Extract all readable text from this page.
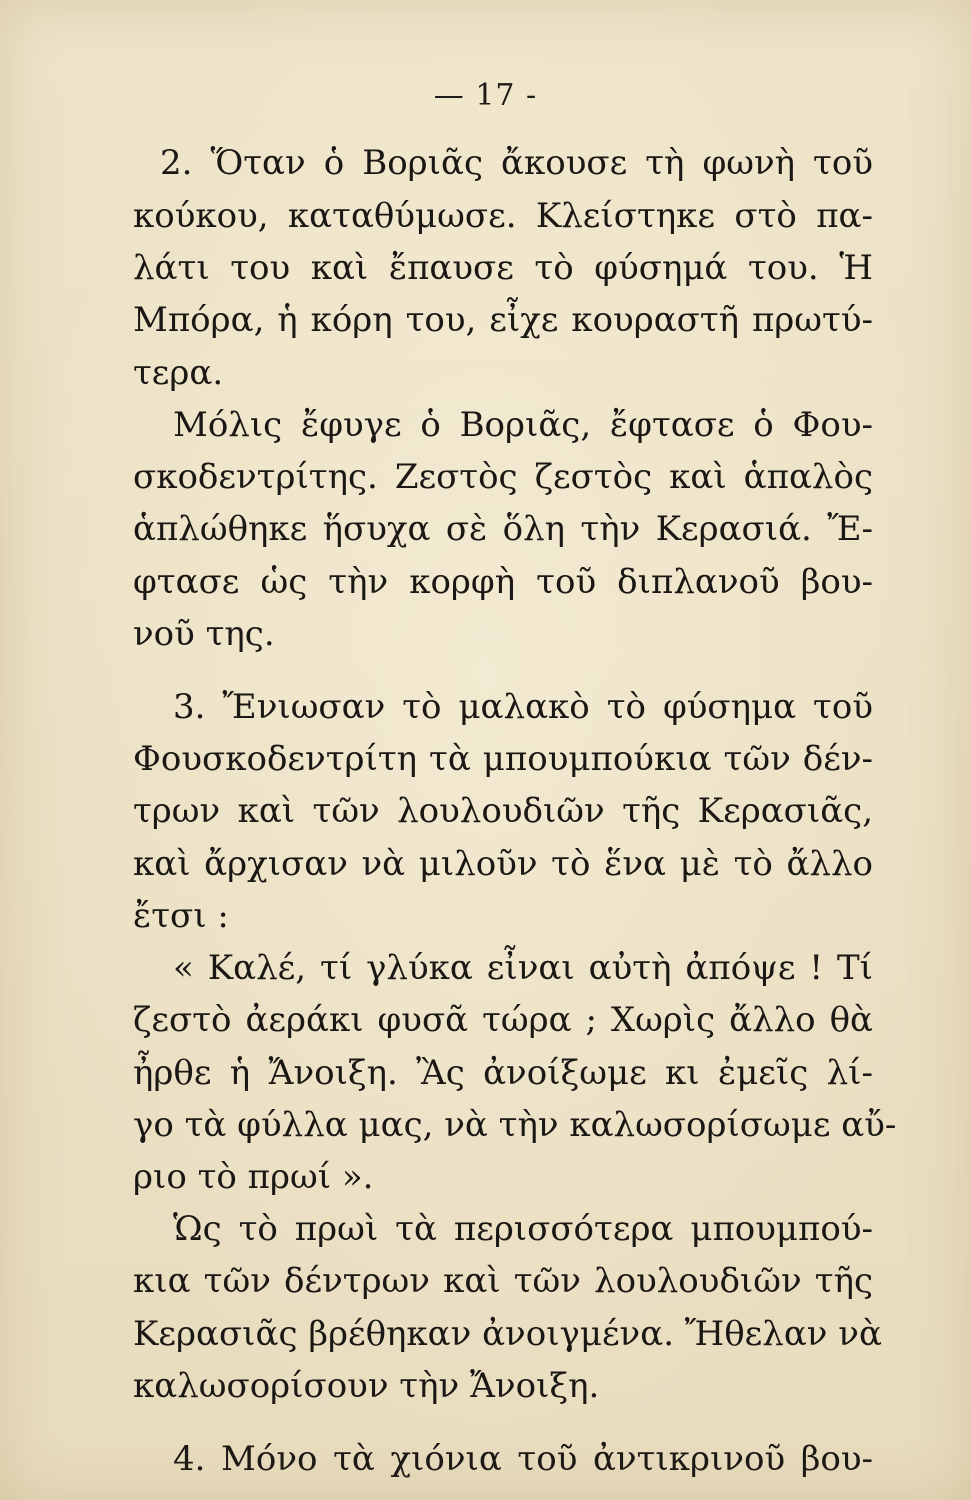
— 17 -
2. Ὅταν ὁ Βοριᾶς ἄκουσε τὴ φωνὴ τοῦ
κούκου, καταθύμωσε. Κλείστηκε στὸ πα-
λάτι του καὶ ἔπαυσε τὸ φύσημά του. Ἡ
Μπόρα, ἡ κόρη του, εἶχε κουραστῆ πρωτύ-
τερα.
Μόλις ἔφυγε ὁ Βοριᾶς, ἔφτασε ὁ Φου-
σκοδεντρίτης. Ζεστὸς ζεστὸς καὶ ἁπαλὸς
ἁπλώθηκε ἥσυχα σὲ ὅλη τὴν Κερασιά. Ἔ-
φτασε ὡς τὴν κορφὴ τοῦ διπλανοῦ βου-
νοῦ της.
3. Ἔνιωσαν τὸ μαλακὸ τὸ φύσημα τοῦ
Φουσκοδεντρίτη τὰ μπουμπούκια τῶν δέν-
τρων καὶ τῶν λουλουδιῶν τῆς Κερασιᾶς,
καὶ ἄρχισαν νὰ μιλοῦν τὸ ἕνα μὲ τὸ ἄλλο
ἔτσι :
« Καλέ, τί γλύκα εἶναι αὐτὴ ἀπόψε ! Τί
ζεστὸ ἀεράκι φυσᾶ τώρα ; Χωρὶς ἄλλο θὰ
ἦρθε ἡ Ἄνοιξη. Ἂς ἀνοίξωμε κι ἐμεῖς λί-
γο τὰ φύλλα μας, νὰ τὴν καλωσορίσωμε αὔ-
ριο τὸ πρωί ».
Ὡς τὸ πρωὶ τὰ περισσότερα μπουμπού-
κια τῶν δέντρων καὶ τῶν λουλουδιῶν τῆς
Κερασιᾶς βρέθηκαν ἀνοιγμένα. Ἤθελαν νὰ
καλωσορίσουν τὴν Ἄνοιξη.
4. Μόνο τὰ χιόνια τοῦ ἀντικρινοῦ βου-
